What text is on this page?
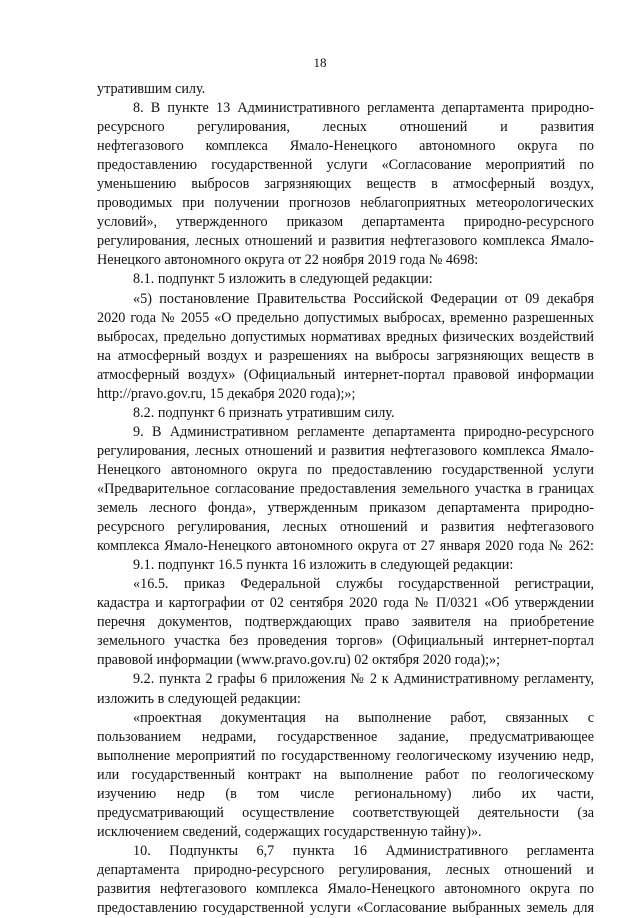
18
утратившим силу.
8. В пункте 13 Административного регламента департамента природно-
ресурсного регулирования, лесных отношений и развития
нефтегазового комплекса Ямало-Ненецкого автономного округа по
предоставлению государственной услуги «Согласование мероприятий по
уменьшению выбросов загрязняющих веществ в атмосферный воздух,
проводимых при получении прогнозов неблагоприятных метеорологических
условий», утвержденного приказом департамента природно-ресурсного
регулирования, лесных отношений и развития нефтегазового комплекса Ямало-
Ненецкого автономного округа от 22 ноября 2019 года № 4698:
8.1. подпункт 5 изложить в следующей редакции:
«5) постановление Правительства Российской Федерации от 09 декабря
2020 года № 2055 «О предельно допустимых выбросах, временно разрешенных
выбросах, предельно допустимых нормативах вредных физических воздействий
на атмосферный воздух и разрешениях на выбросы загрязняющих веществ в
атмосферный воздух» (Официальный интернет-портал правовой информации
http://pravo.gov.ru, 15 декабря 2020 года);»;
8.2. подпункт 6 признать утратившим силу.
9. В Административном регламенте департамента природно-ресурсного
регулирования, лесных отношений и развития нефтегазового комплекса Ямало-
Ненецкого автономного округа по предоставлению государственной услуги
«Предварительное согласование предоставления земельного участка в границах
земель лесного фонда», утвержденным приказом департамента природно-
ресурсного регулирования, лесных отношений и развития нефтегазового
комплекса Ямало-Ненецкого автономного округа от 27 января 2020 года № 262:
9.1. подпункт 16.5 пункта 16 изложить в следующей редакции:
«16.5. приказ Федеральной службы государственной регистрации,
кадастра и картографии от 02 сентября 2020 года № П/0321 «Об утверждении
перечня документов, подтверждающих право заявителя на приобретение
земельного участка без проведения торгов» (Официальный интернет-портал
правовой информации (www.pravo.gov.ru) 02 октября 2020 года);»;
9.2. пункта 2 графы 6 приложения № 2 к Административному регламенту,
изложить в следующей редакции:
«проектная документация на выполнение работ, связанных с
пользованием недрами, государственное задание, предусматривающее
выполнение мероприятий по государственному геологическому изучению недр,
или государственный контракт на выполнение работ по геологическому
изучению недр (в том числе региональному) либо их части,
предусматривающий осуществление соответствующей деятельности (за
исключением сведений, содержащих государственную тайну)».
10. Подпункты 6,7 пункта 16 Административного регламента
департамента природно-ресурсного регулирования, лесных отношений и
развития нефтегазового комплекса Ямало-Ненецкого автономного округа по
предоставлению государственной услуги «Согласование выбранных земель для
